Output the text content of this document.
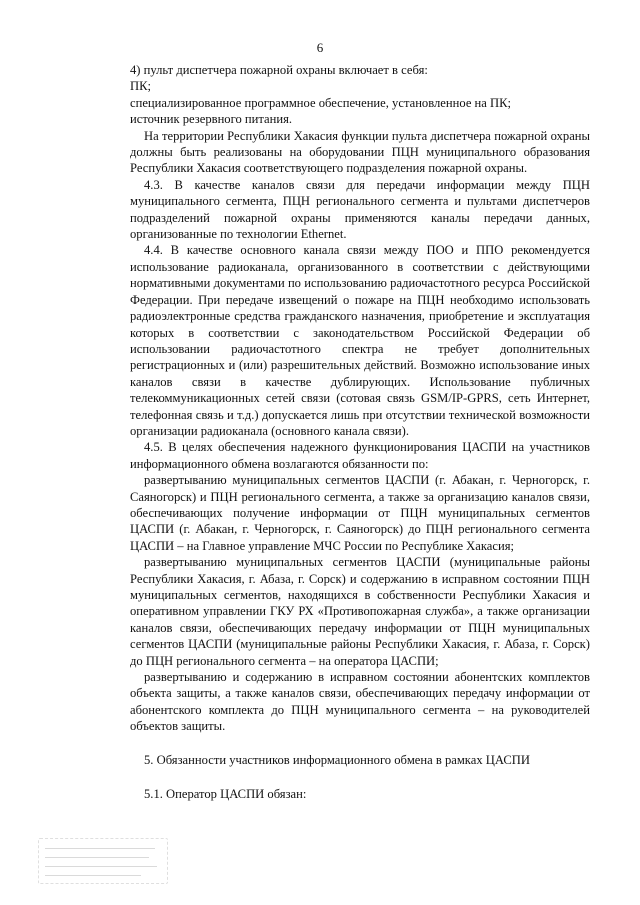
6

4) пульт диспетчера пожарной охраны включает в себя:

ПК;

специализированное программное обеспечение, установленное на ПК;

источник резервного питания.

На территории Республики Хакасия функции пульта диспетчера пожарной охраны должны быть реализованы на оборудовании ПЦН муниципального образования Республики Хакасия соответствующего подразделения пожарной охраны.

4.3. В качестве каналов связи для передачи информации между ПЦН муниципального сегмента, ПЦН регионального сегмента и пультами диспетчеров подразделений пожарной охраны применяются каналы передачи данных, организованные по технологии Ethernet.

4.4. В качестве основного канала связи между ПОО и ППО рекомендуется использование радиоканала, организованного в соответствии с действующими нормативными документами по использованию радиочастотного ресурса Российской Федерации. При передаче извещений о пожаре на ПЦН необходимо использовать радиоэлектронные средства гражданского назначения, приобретение и эксплуатация которых в соответствии с законодательством Российской Федерации об использовании радиочастотного спектра не требует дополнительных регистрационных и (или) разрешительных действий. Возможно использование иных каналов связи в качестве дублирующих. Использование публичных телекоммуникационных сетей связи (сотовая связь GSM/IP-GPRS, сеть Интернет, телефонная связь и т.д.) допускается лишь при отсутствии технической возможности организации радиоканала (основного канала связи).

4.5. В целях обеспечения надежного функционирования ЦАСПИ на участников информационного обмена возлагаются обязанности по:

развертыванию муниципальных сегментов ЦАСПИ (г. Абакан, г. Черногорск, г. Саяногорск) и ПЦН регионального сегмента, а также за организацию каналов связи, обеспечивающих получение информации от ПЦН муниципальных сегментов ЦАСПИ (г. Абакан, г. Черногорск, г. Саяногорск) до ПЦН регионального сегмента ЦАСПИ – на Главное управление МЧС России по Республике Хакасия;

развертыванию муниципальных сегментов ЦАСПИ (муниципальные районы Республики Хакасия, г. Абаза, г. Сорск) и содержанию в исправном состоянии ПЦН муниципальных сегментов, находящихся в собственности Республики Хакасия и оперативном управлении ГКУ РХ «Противопожарная служба», а также организации каналов связи, обеспечивающих передачу информации от ПЦН муниципальных сегментов ЦАСПИ (муниципальные районы Республики Хакасия, г. Абаза, г. Сорск) до ПЦН регионального сегмента – на оператора ЦАСПИ;

развертыванию и содержанию в исправном состоянии абонентских комплектов объекта защиты, а также каналов связи, обеспечивающих передачу информации от абонентского комплекта до ПЦН муниципального сегмента – на руководителей объектов защиты.

5. Обязанности участников информационного обмена в рамках ЦАСПИ

5.1. Оператор ЦАСПИ обязан:
